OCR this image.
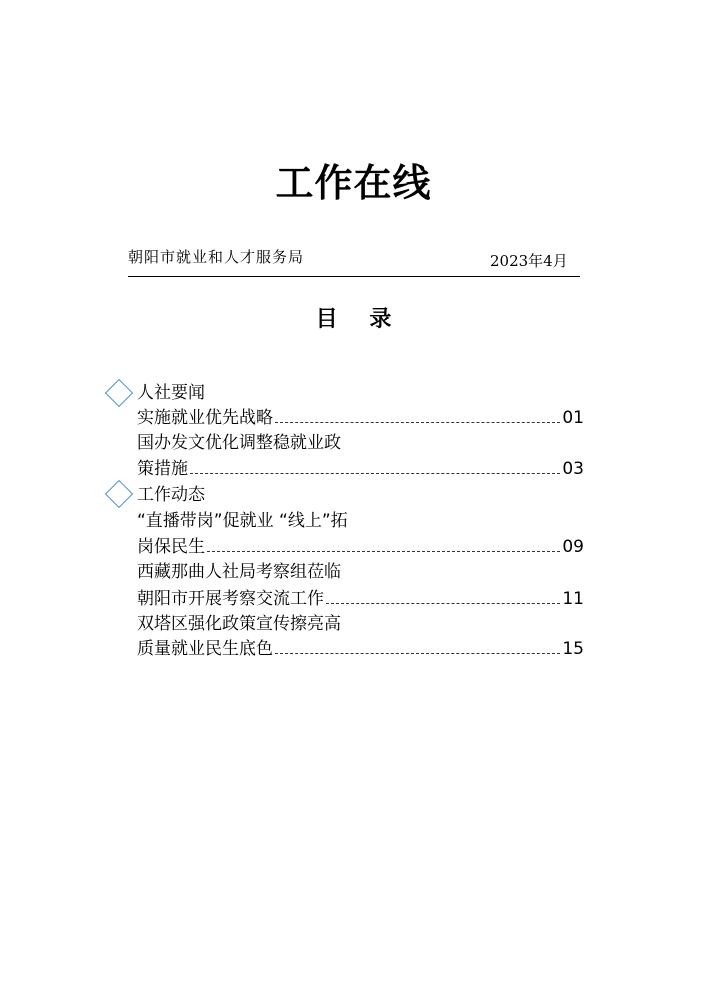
工作在线
朝阳市就业和人才服务局	2023年4月
目 录
人社要闻
实施就业优先战略	01
国办发文优化调整稳就业政
策措施	03
工作动态
“直播带岗”促就业 “线上”拓
岗保民生	09
西藏那曲人社局考察组莅临
朝阳市开展考察交流工作	11
双塔区强化政策宣传擦亮高
质量就业民生底色	15
